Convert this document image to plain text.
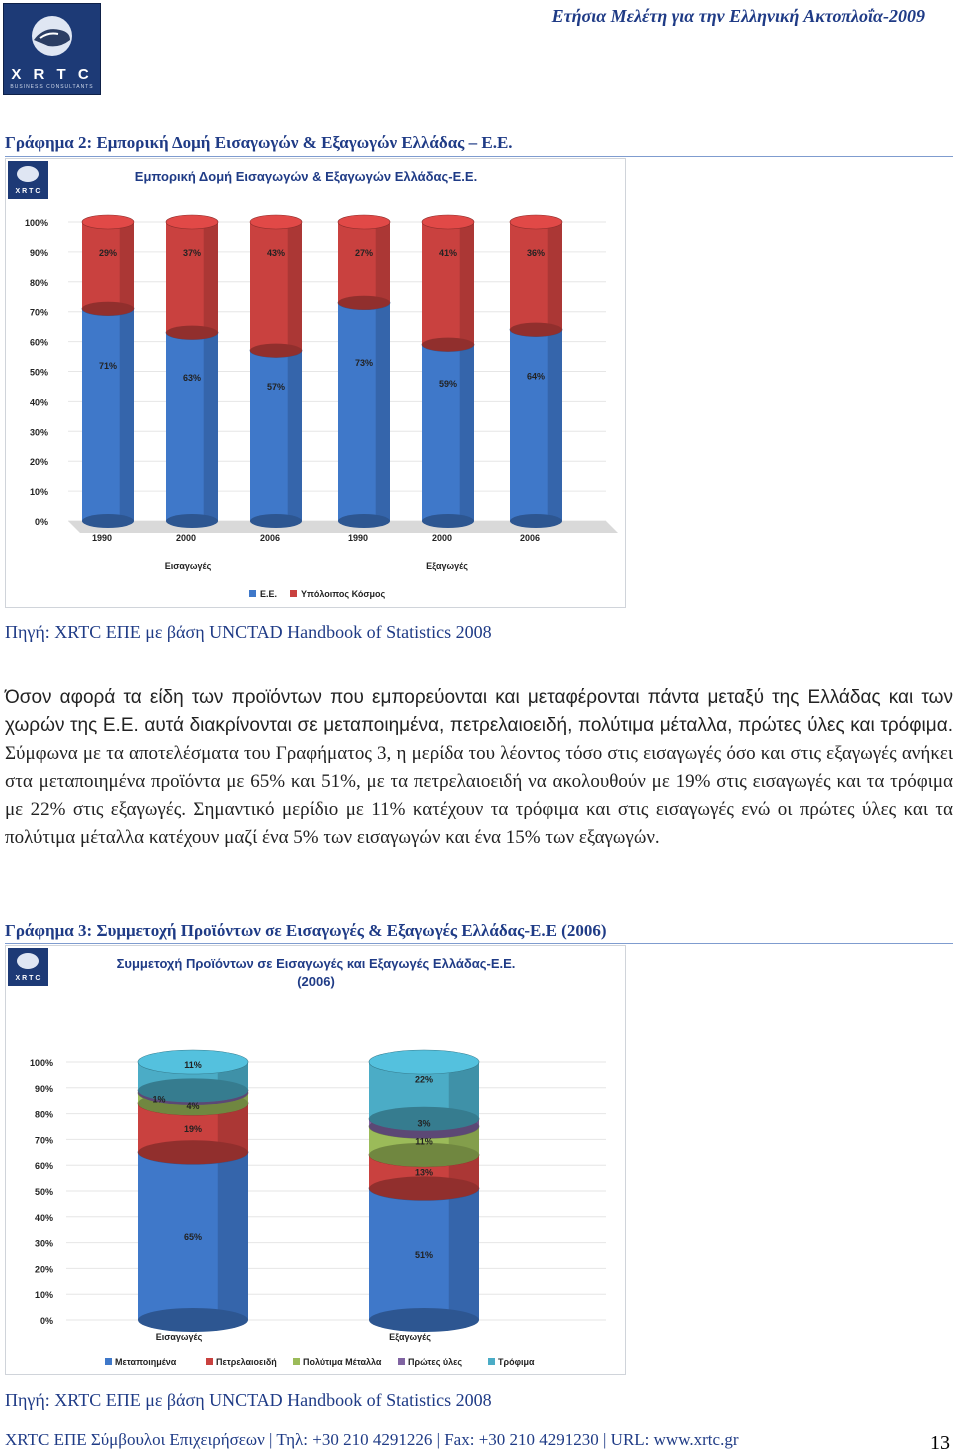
X R T C
BUSINESS CONSULTANTS
Ετήσια Μελέτη για την Ελληνική Ακτοπλοΐα-2009
Γράφημα 2: Εμπορική Δομή Εισαγωγών & Εξαγωγών Ελλάδας – Ε.Ε.
X R T C
Εμπορική Δομή Εισαγωγών & Εξαγωγών Ελλάδας-Ε.Ε.
0%
10%
20%
30%
40%
50%
60%
70%
80%
90%
100%
71%
29%
1990
63%
37%
2000
57%
43%
2006
73%
27%
1990
59%
41%
2000
64%
36%
2006
Εισαγωγές	Εξαγωγές
Ε.Ε.	Υπόλοιπος Κόσμος
Πηγή: XRTC ΕΠΕ με βάση UNCTAD Handbook of Statistics 2008
Όσον αφορά τα είδη των προϊόντων που εμπορεύονται και μεταφέρονται πάντα μεταξύ της Ελλάδας και των χωρών της Ε.Ε. αυτά διακρίνονται σε μεταποιημένα, πετρελαιοειδή, πολύτιμα μέταλλα, πρώτες ύλες και τρόφιμα. Σύμφωνα με τα αποτελέσματα του Γραφήματος 3, η μερίδα του λέοντος τόσο στις εισαγωγές όσο και στις εξαγωγές ανήκει στα μεταποιημένα προϊόντα με 65% και 51%, με τα πετρελαιοειδή να ακολουθούν με 19% στις εισαγωγές και τα τρόφιμα με 22% στις εξαγωγές. Σημαντικό μερίδιο με 11% κατέχουν τα τρόφιμα και στις εισαγωγές ενώ οι πρώτες ύλες και τα πολύτιμα μέταλλα κατέχουν μαζί ένα 5% των εισαγωγών και ένα 15% των εξαγωγών.
Γράφημα 3: Συμμετοχή Προϊόντων σε Εισαγωγές & Εξαγωγές Ελλάδας-Ε.Ε (2006)
X R T C
Συμμετοχή Προϊόντων σε Εισαγωγές και Εξαγωγές Ελλάδας-Ε.Ε.
(2006)
0%
10%
20%
30%
40%
50%
60%
70%
80%
90%
100%
65%
19%
4%
1%
11%
Εισαγωγές
51%
13%
11%
3%
22%
Εξαγωγές
Μεταποιημένα	Πετρελαιοειδή	Πολύτιμα Μέταλλα	Πρώτες ύλες	Τρόφιμα
Πηγή: XRTC ΕΠΕ με βάση UNCTAD Handbook of Statistics 2008
XRTC ΕΠΕ Σύμβουλοι Επιχειρήσεων | Τηλ: +30 210 4291226 | Fax: +30 210 4291230 | URL: www.xrtc.gr	13
